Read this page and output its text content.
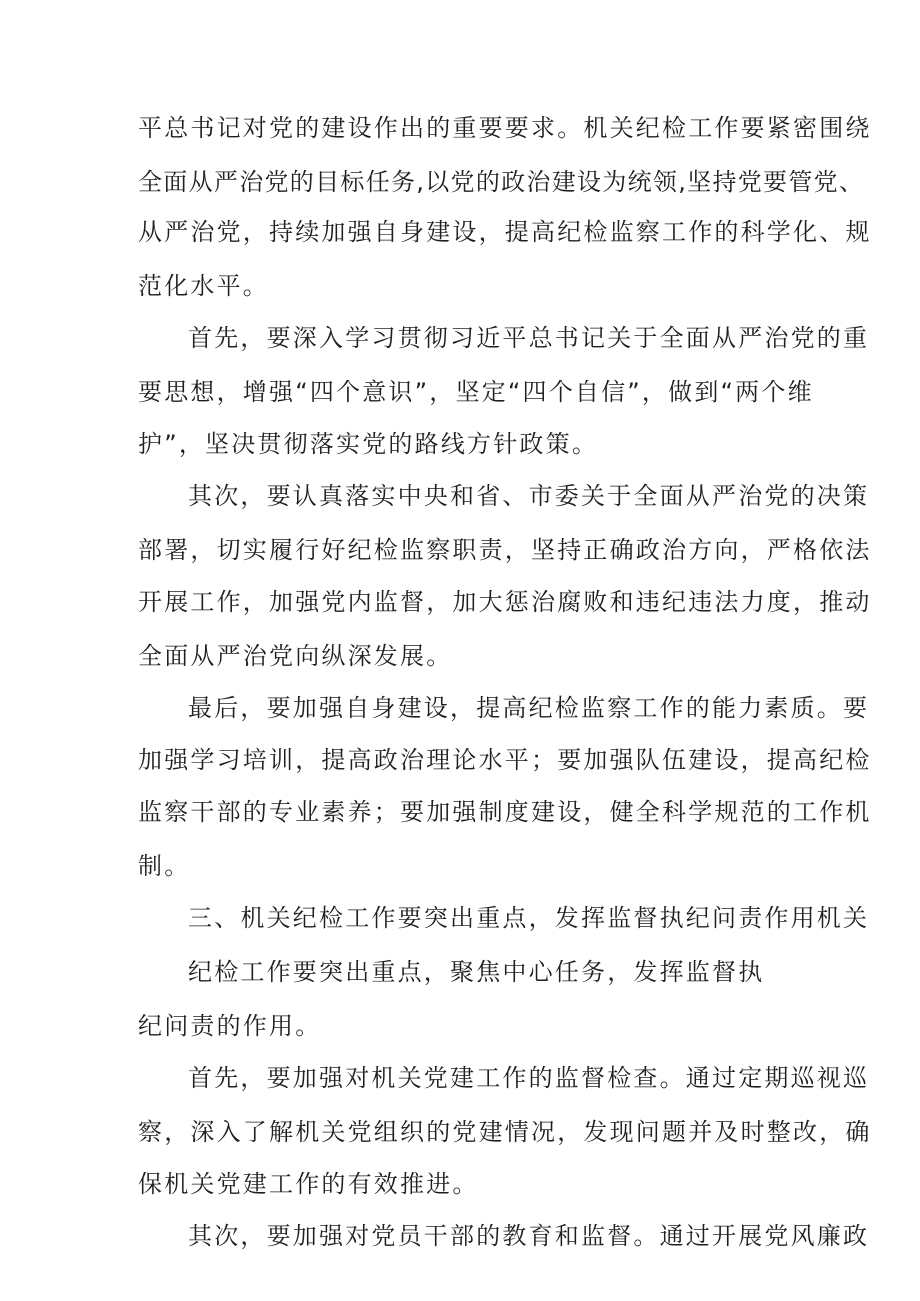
平总书记对党的建设作出的重要要求。机关纪检工作要紧密围绕
全面从严治党的目标任务,以党的政治建设为统领,坚持党要管党、
从严治党，持续加强自身建设，提高纪检监察工作的科学化、规
范化水平。
首先，要深入学习贯彻习近平总书记关于全面从严治党的重
要思想，增强“四个意识”，坚定“四个自信”，做到“两个维
护”，坚决贯彻落实党的路线方针政策。
其次，要认真落实中央和省、市委关于全面从严治党的决策
部署，切实履行好纪检监察职责，坚持正确政治方向，严格依法
开展工作，加强党内监督，加大惩治腐败和违纪违法力度，推动
全面从严治党向纵深发展。
最后，要加强自身建设，提高纪检监察工作的能力素质。要
加强学习培训，提高政治理论水平；要加强队伍建设，提高纪检
监察干部的专业素养；要加强制度建设，健全科学规范的工作机
制。
三、机关纪检工作要突出重点，发挥监督执纪问责作用机关
纪检工作要突出重点，聚焦中心任务，发挥监督执
纪问责的作用。
首先，要加强对机关党建工作的监督检查。通过定期巡视巡
察，深入了解机关党组织的党建情况，发现问题并及时整改，确
保机关党建工作的有效推进。
其次，要加强对党员干部的教育和监督。通过开展党风廉政
